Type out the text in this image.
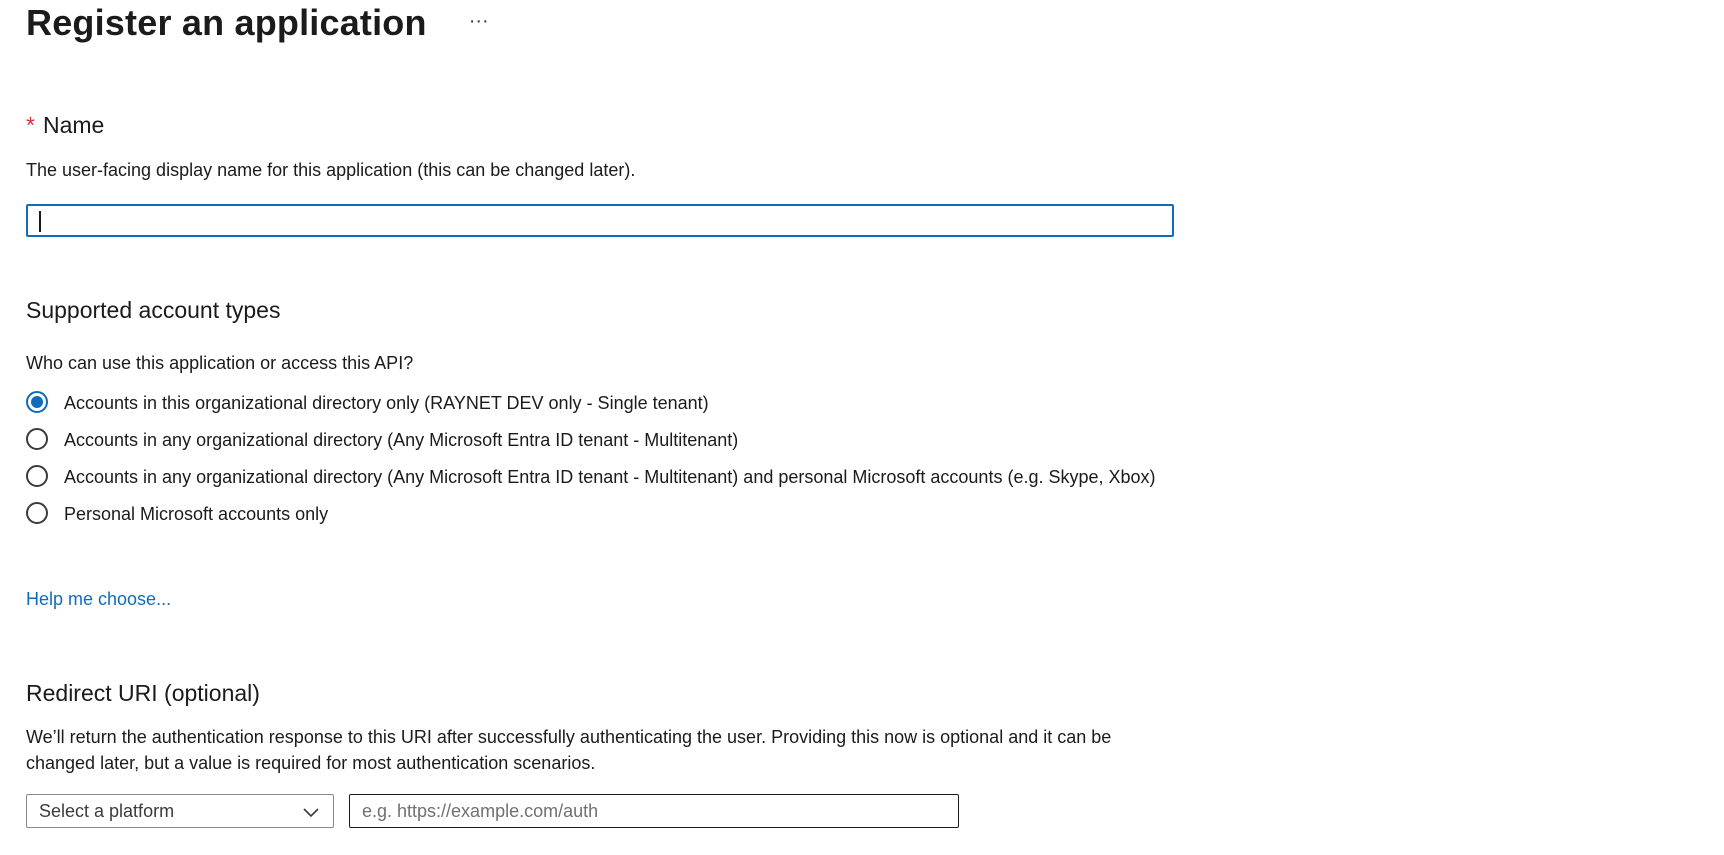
Register an application	···
* Name
The user-facing display name for this application (this can be changed later).
Supported account types
Who can use this application or access this API?
Accounts in this organizational directory only (RAYNET DEV only - Single tenant)
Accounts in any organizational directory (Any Microsoft Entra ID tenant - Multitenant)
Accounts in any organizational directory (Any Microsoft Entra ID tenant - Multitenant) and personal Microsoft accounts (e.g. Skype, Xbox)
Personal Microsoft accounts only
Help me choose...
Redirect URI (optional)
We’ll return the authentication response to this URI after successfully authenticating the user. Providing this now is optional and it can be changed later, but a value is required for most authentication scenarios.
Select a platform
e.g. https://example.com/auth
